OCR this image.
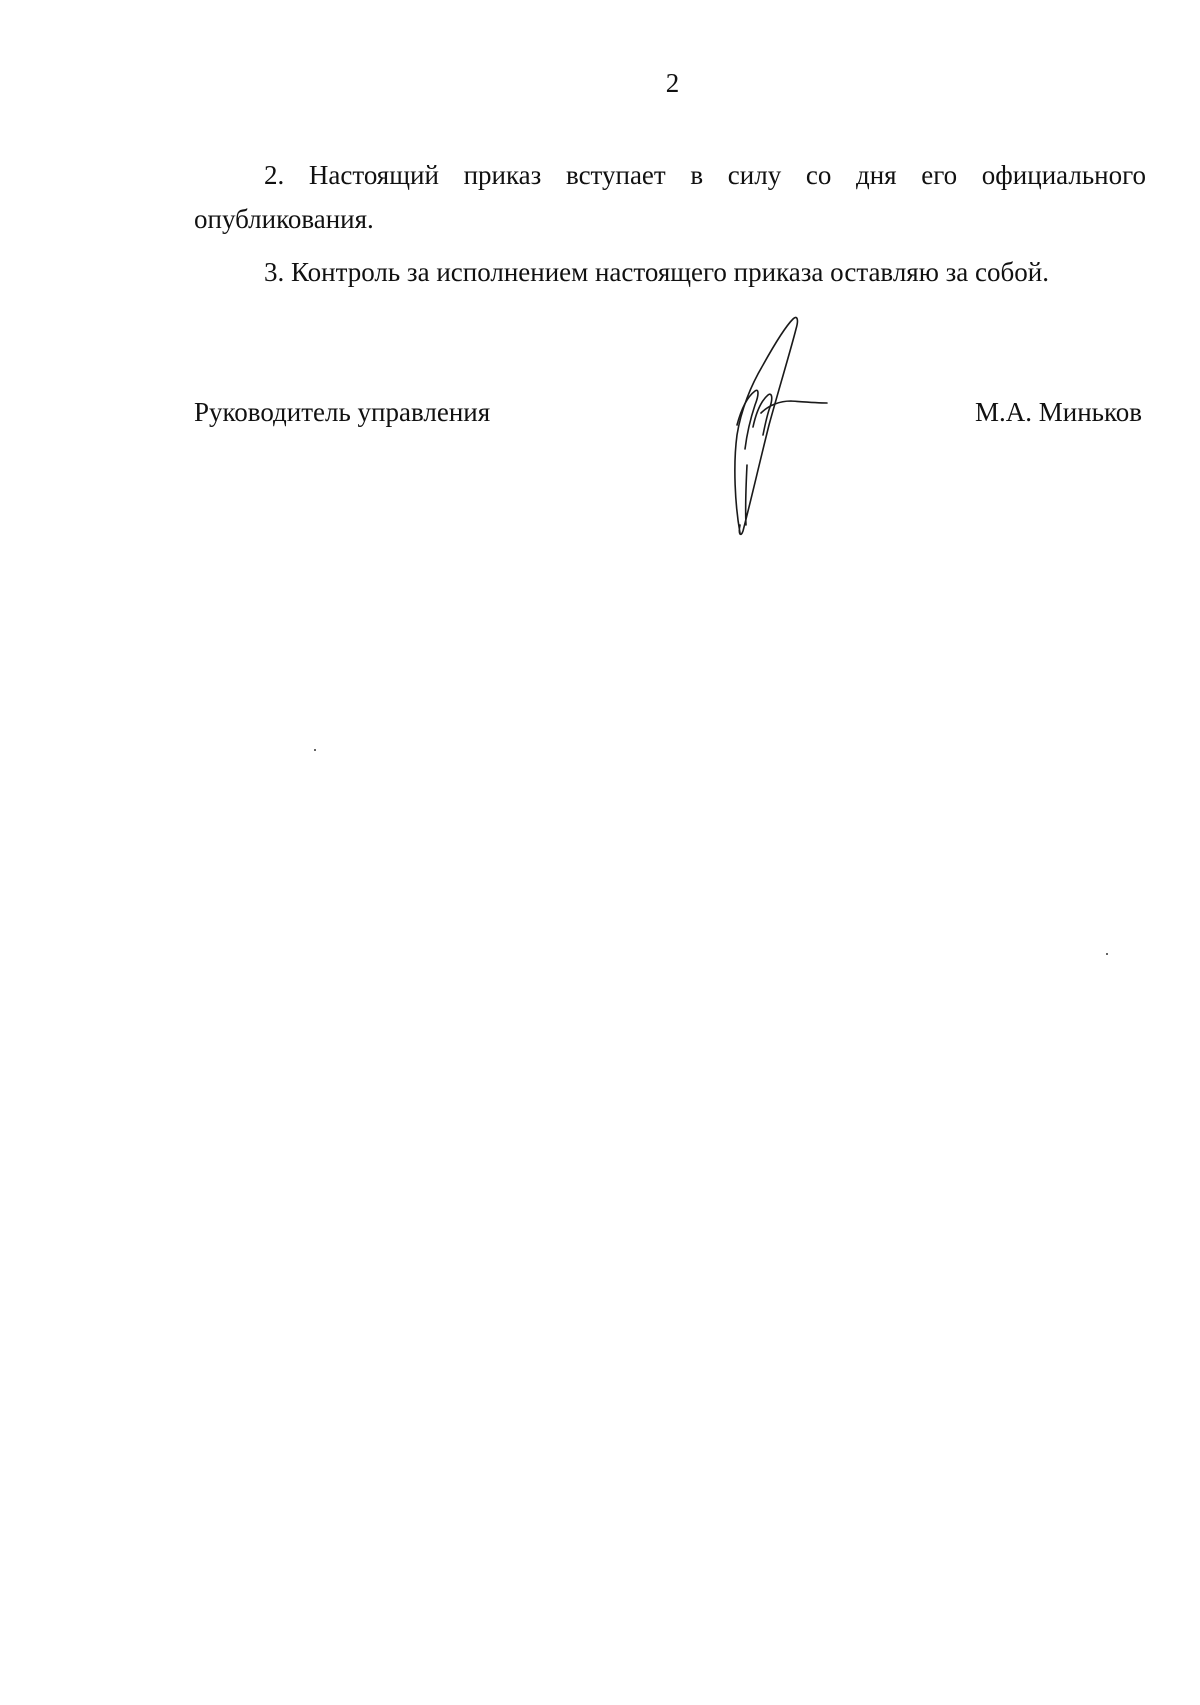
2

2. Настоящий приказ вступает в силу со дня его официального опубликования.

3. Контроль за исполнением настоящего приказа оставляю за собой.

Руководитель управления	М.А. Миньков
